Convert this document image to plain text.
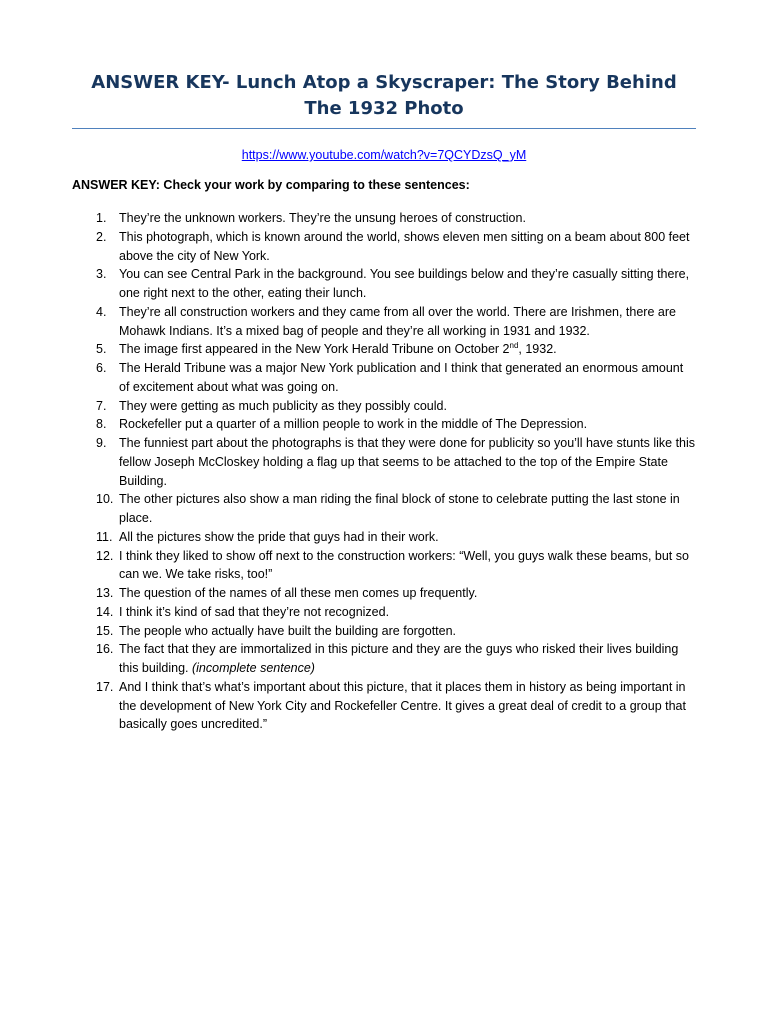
ANSWER KEY- Lunch Atop a Skyscraper: The Story Behind The 1932 Photo
https://www.youtube.com/watch?v=7QCYDzsQ_yM
ANSWER KEY: Check your work by comparing to these sentences:
1.	They’re the unknown workers. They’re the unsung heroes of construction.
2.	This photograph, which is known around the world, shows eleven men sitting on a beam about 800 feet above the city of New York.
3.	You can see Central Park in the background. You see buildings below and they’re casually sitting there, one right next to the other, eating their lunch.
4.	They’re all construction workers and they came from all over the world. There are Irishmen, there are Mohawk Indians. It’s a mixed bag of people and they’re all working in 1931 and 1932.
5.	The image first appeared in the New York Herald Tribune on October 2nd, 1932.
6.	The Herald Tribune was a major New York publication and I think that generated an enormous amount of excitement about what was going on.
7.	They were getting as much publicity as they possibly could.
8.	Rockefeller put a quarter of a million people to work in the middle of The Depression.
9.	The funniest part about the photographs is that they were done for publicity so you’ll have stunts like this fellow Joseph McCloskey holding a flag up that seems to be attached to the top of the Empire State Building.
10. The other pictures also show a man riding the final block of stone to celebrate putting the last stone in place.
11. All the pictures show the pride that guys had in their work.
12. I think they liked to show off next to the construction workers: “Well, you guys walk these beams, but so can we. We take risks, too!”
13. The question of the names of all these men comes up frequently.
14. I think it’s kind of sad that they’re not recognized.
15. The people who actually have built the building are forgotten.
16. The fact that they are immortalized in this picture and they are the guys who risked their lives building this building. (incomplete sentence)
17. And I think that’s what’s important about this picture, that it places them in history as being important in the development of New York City and Rockefeller Centre. It gives a great deal of credit to a group that basically goes uncredited.”
